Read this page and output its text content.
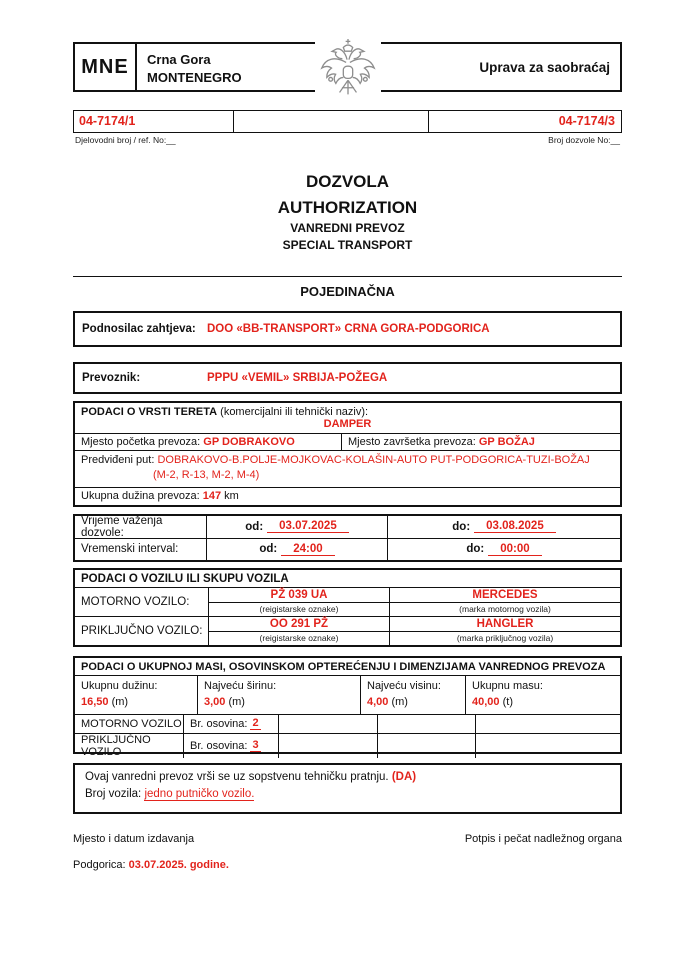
MNE	Crna Gora
MONTENEGRO
Uprava za saobraćaj
04-7174/1	04-7174/3
Djelovodni broj / ref. No:__	Broj dozvole No:__
DOZVOLA
AUTHORIZATION
VANREDNI PREVOZ
SPECIAL TRANSPORT
POJEDINAČNA
Podnosilac zahtjeva: DOO «BB-TRANSPORT» CRNA GORA-PODGORICA
Prevoznik:	PPPU «VEMIL» SRBIJA-POŽEGA
PODACI O VRSTI TERETA (komercijalni ili tehnički naziv):
DAMPER
Mjesto početka prevoza: GP DOBRAKOVO	Mjesto završetka prevoza: GP BOŽAJ
Predviđeni put: DOBRAKOVO-B.POLJE-MOJKOVAC-KOLAŠIN-AUTO PUT-PODGORICA-TUZI-BOŽAJ
(M-2, R-13, M-2, M-4)
Ukupna dužina prevoza: 147 km
Vrijeme važenja dozvole:	od:	03.07.2025	do:	03.08.2025
Vremenski interval:	od:	24:00	do:	00:00
PODACI O VOZILU ILI SKUPU VOZILA
MOTORNO VOZILO:
PŽ 039 UA	MERCEDES
(reigistarske oznake)	(marka motornog vozila)
PRIKLJUČNO VOZILO:
OO 291 PŽ	HANGLER
(reigistarske oznake)	(marka priključnog vozila)
PODACI O UKUPNOJ MASI, OSOVINSKOM OPTEREĆENJU I DIMENZIJAMA VANREDNOG PREVOZA
Ukupnu dužinu:
16,50 (m)
Najveću širinu:
3,00 (m)
Najveću visinu:
4,00 (m)
Ukupnu masu:
40,00 (t)
MOTORNO VOZILO Br. osovina: 2
PRIKLJUČNO VOZILO	Br. osovina: 3
Ovaj vanredni prevoz vrši se uz sopstvenu tehničku pratnju. (DA)
Broj vozila: jedno putničko vozilo.
Mjesto i datum izdavanja	Potpis i pečat nadležnog organa
Podgorica: 03.07.2025. godine.
